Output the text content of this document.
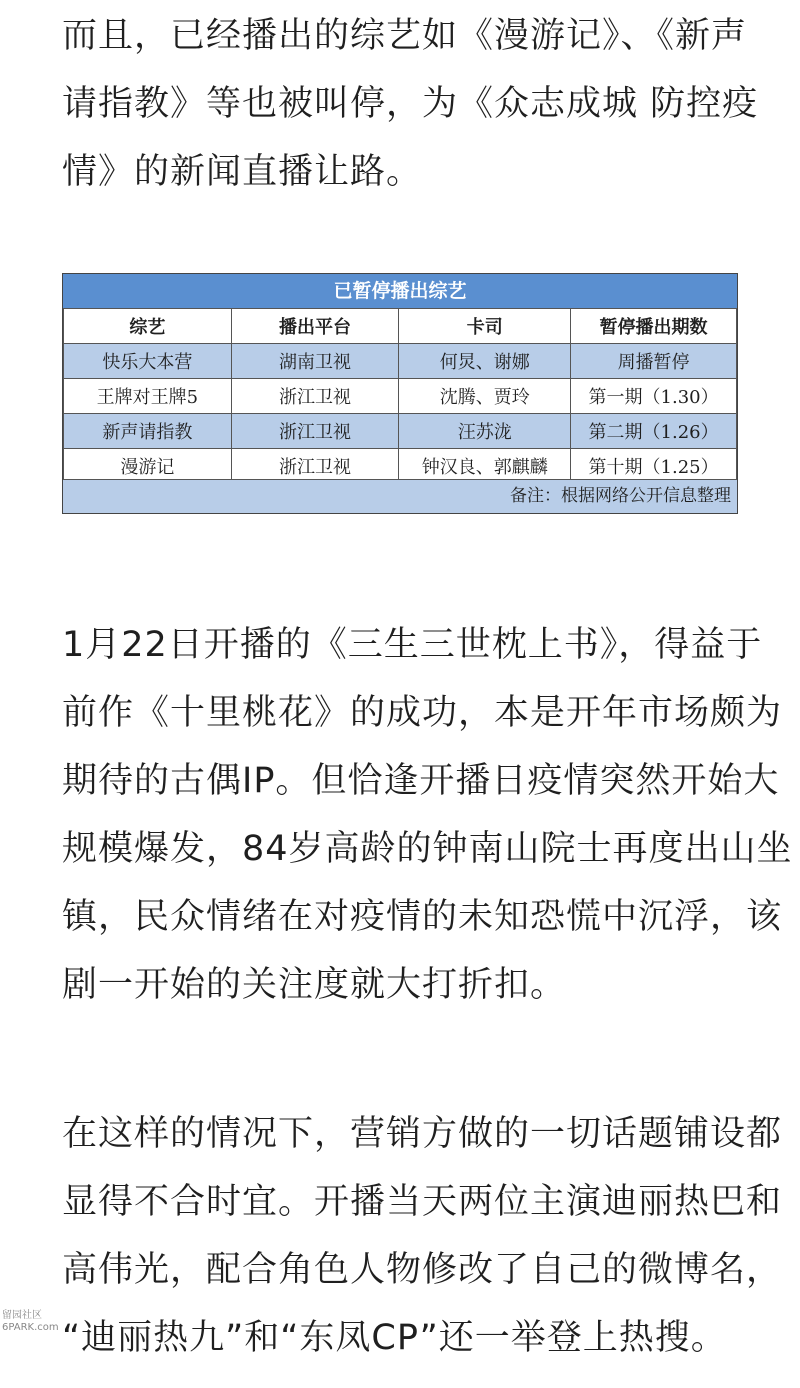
而且，已经播出的综艺如《漫游记》、《新声
请指教》等也被叫停，为《众志成城 防控疫
情》的新闻直播让路。
已暂停播出综艺
综艺	播出平台	卡司	暂停播出期数
快乐大本营	湖南卫视	何炅、谢娜	周播暂停
王牌对王牌5	浙江卫视	沈腾、贾玲	第一期（1.30）
新声请指教	浙江卫视	汪苏泷	第二期（1.26）
漫游记	浙江卫视	钟汉良、郭麒麟	第十期（1.25）
备注：根据网络公开信息整理
1月22日开播的《三生三世枕上书》，得益于
前作《十里桃花》的成功，本是开年市场颇为
期待的古偶IP。但恰逢开播日疫情突然开始大
规模爆发，84岁高龄的钟南山院士再度出山坐
镇，民众情绪在对疫情的未知恐慌中沉浮，该
剧一开始的关注度就大打折扣。
在这样的情况下，营销方做的一切话题铺设都
显得不合时宜。开播当天两位主演迪丽热巴和
高伟光，配合角色人物修改了自己的微博名，
“迪丽热九”和“东凤CP”还一举登上热搜。
留园社区
6PARK.com
